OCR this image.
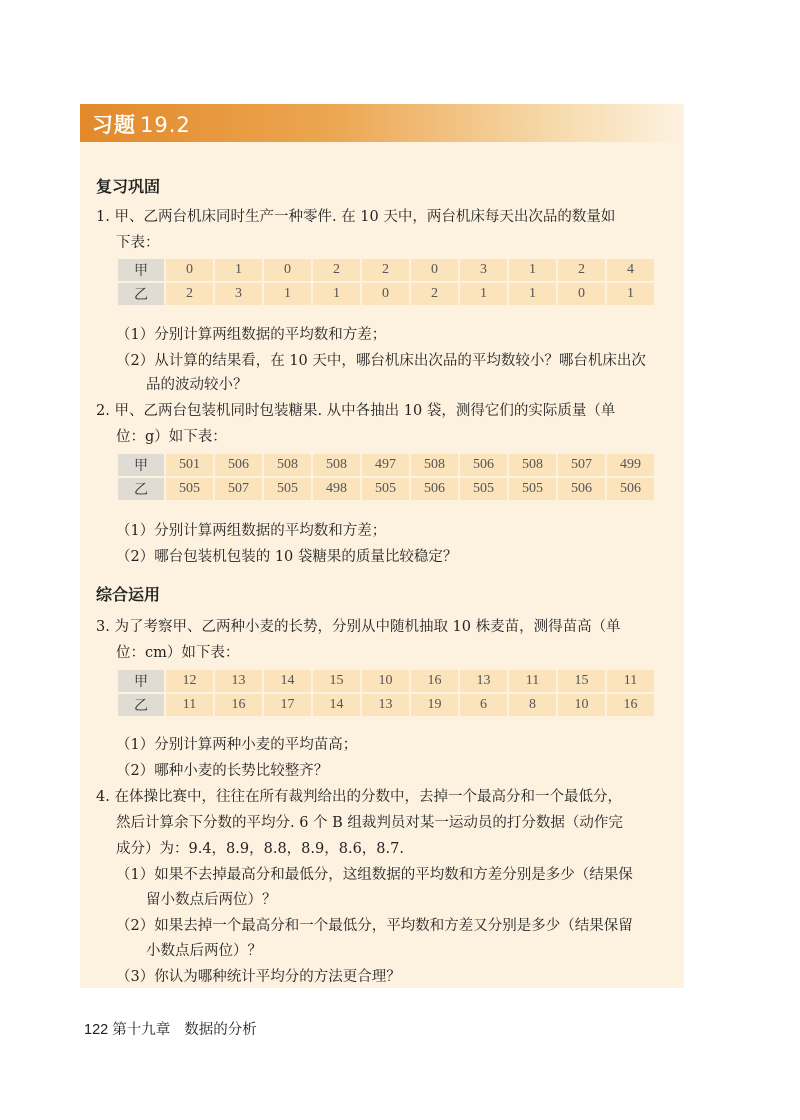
习题 19.2
复习巩固
1. 甲、乙两台机床同时生产一种零件. 在 10 天中，两台机床每天出次品的数量如
下表：
甲	0	1	0	2	2	0	3	1	2	4
乙	2	3	1	1	0	2	1	1	0	1
（1）分别计算两组数据的平均数和方差；
（2）从计算的结果看，在 10 天中，哪台机床出次品的平均数较小？哪台机床出次
品的波动较小？
2. 甲、乙两台包装机同时包装糖果. 从中各抽出 10 袋，测得它们的实际质量（单
位：g）如下表：
甲	501	506	508	508	497	508	506	508	507	499
乙	505	507	505	498	505	506	505	505	506	506
（1）分别计算两组数据的平均数和方差；
（2）哪台包装机包装的 10 袋糖果的质量比较稳定？
综合运用
3. 为了考察甲、乙两种小麦的长势，分别从中随机抽取 10 株麦苗，测得苗高（单
位：cm）如下表：
甲	12	13	14	15	10	16	13	11	15	11
乙	11	16	17	14	13	19	6	8	10	16
（1）分别计算两种小麦的平均苗高；
（2）哪种小麦的长势比较整齐？
4. 在体操比赛中，往往在所有裁判给出的分数中，去掉一个最高分和一个最低分，
然后计算余下分数的平均分. 6 个 B 组裁判员对某一运动员的打分数据（动作完
成分）为：9.4，8.9，8.8，8.9，8.6，8.7.
（1）如果不去掉最高分和最低分，这组数据的平均数和方差分别是多少（结果保
留小数点后两位）？
（2）如果去掉一个最高分和一个最低分，平均数和方差又分别是多少（结果保留
小数点后两位）？
（3）你认为哪种统计平均分的方法更合理？
122 第十九章 数据的分析
